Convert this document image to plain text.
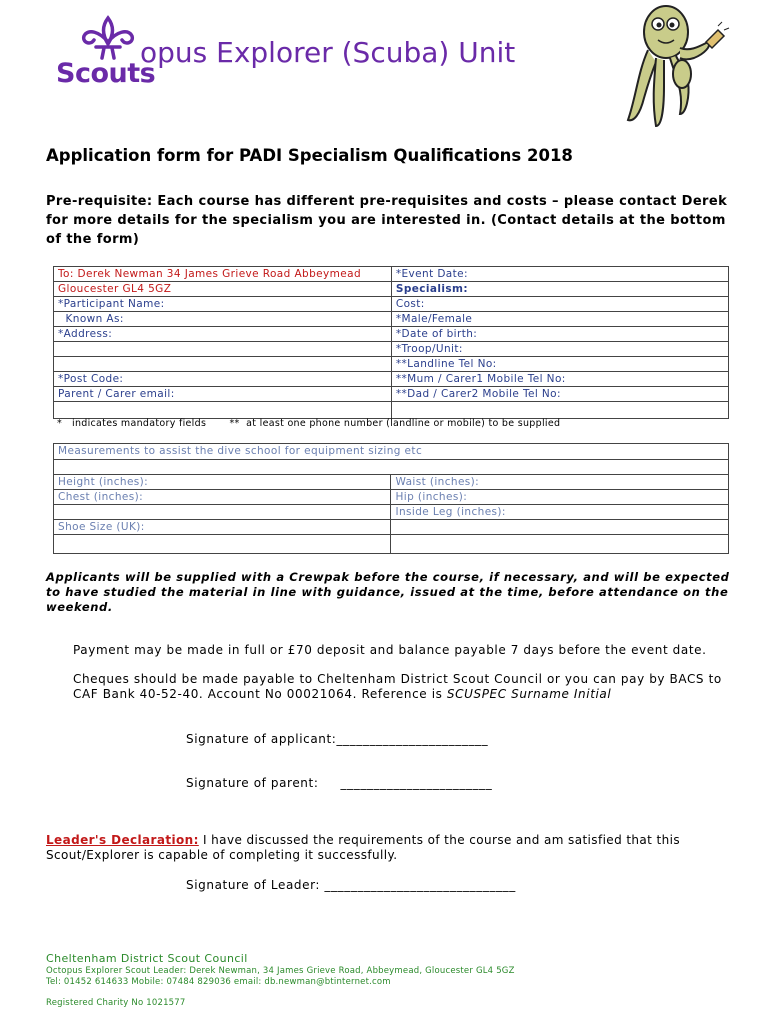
Scouts
opus Explorer (Scuba) Unit
Application form for PADI Specialism Qualifications 2018
Pre-requisite: Each course has different pre-requisites and costs – please contact Derek for more details for the specialism you are interested in. (Contact details at the bottom of the form)
To: Derek Newman 34 James Grieve Road Abbeymead	*Event Date:
Gloucester GL4 5GZ	Specialism:
*Participant Name:	Cost:
Known As:	*Male/Female
*Address:	*Date of birth:
	*Troop/Unit:
	**Landline Tel No:
*Post Code:	**Mum / Carer1 Mobile Tel No:
Parent / Carer email:	**Dad / Carer2 Mobile Tel No:

*   indicates mandatory fields       **  at least one phone number (landline or mobile) to be supplied
Measurements to assist the dive school for equipment sizing etc	

Height (inches):	Waist (inches):
Chest (inches):	Hip (inches):
	Inside Leg (inches):
Shoe Size (UK):	

Applicants will be supplied with a Crewpak before the course, if necessary, and will be expected to have studied the material in line with guidance, issued at the time, before attendance on the weekend.
Payment may be made in full or £70 deposit and balance payable 7 days before the event date.
Cheques should be made payable to Cheltenham District Scout Council or you can pay by BACS to
CAF Bank 40-52-40. Account No 00021064. Reference is SCUSPEC Surname Initial
Signature of applicant:_______________________
Signature of parent:     _______________________
Leader's Declaration: I have discussed the requirements of the course and am satisfied that this Scout/Explorer is capable of completing it successfully.
Signature of Leader: _____________________________
Cheltenham District Scout Council
Octopus Explorer Scout Leader: Derek Newman, 34 James Grieve Road, Abbeymead, Gloucester GL4 5GZ
Tel: 01452 614633 Mobile: 07484 829036 email: db.newman@btinternet.com
Registered Charity No 1021577
